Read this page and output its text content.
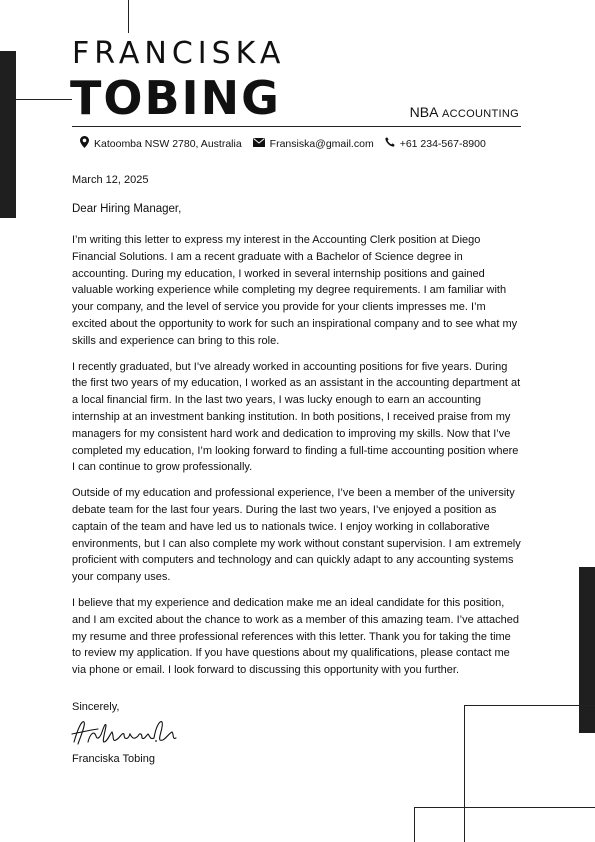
FRANCISKA
TOBING	NBA ACCOUNTING
Katoomba NSW 2780, Australia	Fransiska@gmail.com +61 234-567-8900
March 12, 2025
Dear Hiring Manager,

I’m writing this letter to express my interest in the Accounting Clerk position at Diego Financial Solutions. I am a recent graduate with a Bachelor of Science degree in accounting. During my education, I worked in several internship positions and gained valuable working experience while completing my degree requirements. I am familiar with your company, and the level of service you provide for your clients impresses me. I’m excited about the opportunity to work for such an inspirational company and to see what my skills and experience can bring to this role.

I recently graduated, but I’ve already worked in accounting positions for five years. During the first two years of my education, I worked as an assistant in the accounting department at a local financial firm. In the last two years, I was lucky enough to earn an accounting internship at an investment banking institution. In both positions, I received praise from my managers for my consistent hard work and dedication to improving my skills. Now that I’ve completed my education, I’m looking forward to finding a full-time accounting position where I can continue to grow professionally.

Outside of my education and professional experience, I’ve been a member of the university debate team for the last four years. During the last two years, I’ve enjoyed a position as captain of the team and have led us to nationals twice. I enjoy working in collaborative environments, but I can also complete my work without constant supervision. I am extremely proficient with computers and technology and can quickly adapt to any accounting systems your company uses.

I believe that my experience and dedication make me an ideal candidate for this position, and I am excited about the chance to work as a member of this amazing team. I’ve attached my resume and three professional references with this letter. Thank you for taking the time to review my application. If you have questions about my qualifications, please contact me via phone or email. I look forward to discussing this opportunity with you further.

Sincerely,
Franciska Tobing
